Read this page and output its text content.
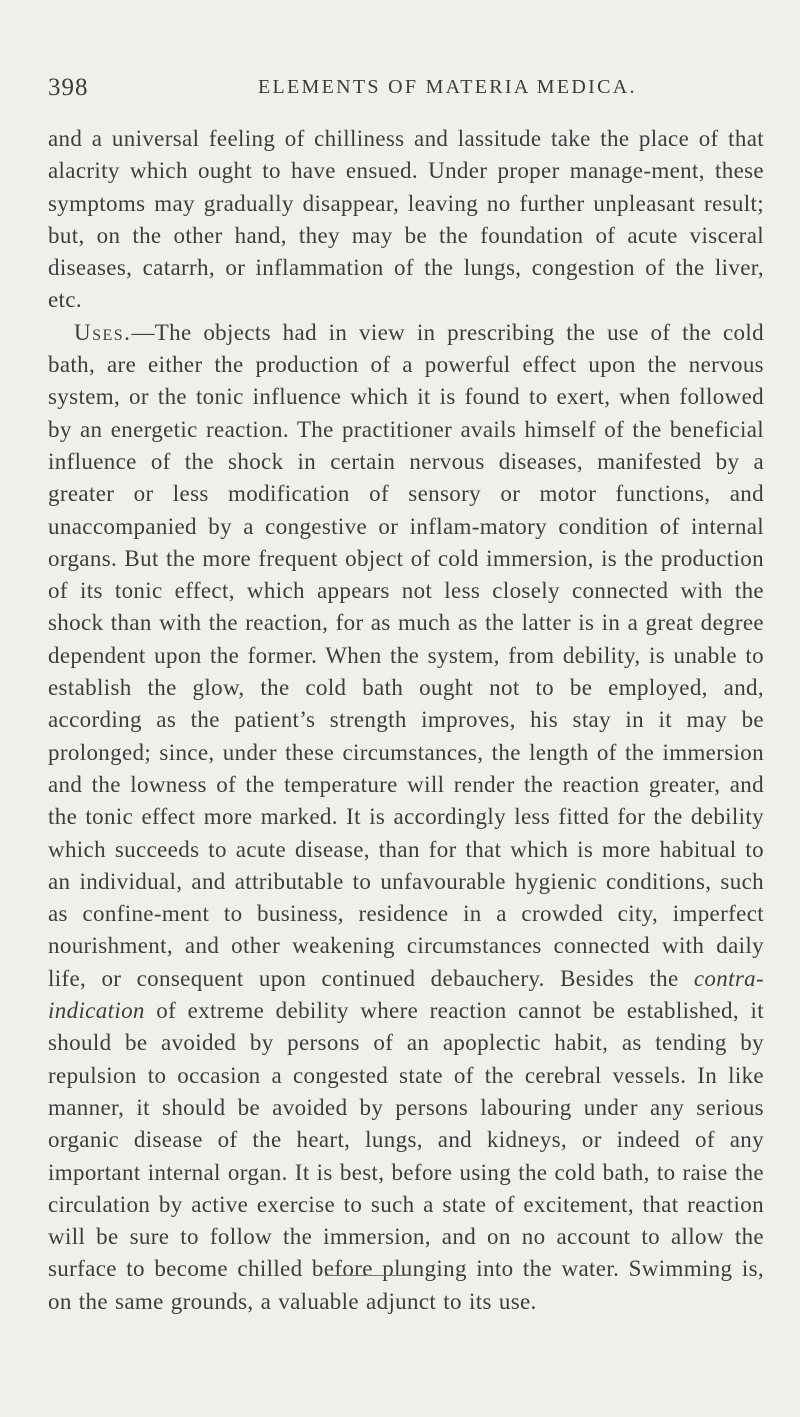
398	ELEMENTS OF MATERIA MEDICA.

and a universal feeling of chilliness and lassitude take the place of that alacrity which ought to have ensued. Under proper manage-ment, these symptoms may gradually disappear, leaving no further unpleasant result; but, on the other hand, they may be the foundation of acute visceral diseases, catarrh, or inflammation of the lungs, congestion of the liver, etc.

Uses.—The objects had in view in prescribing the use of the cold bath, are either the production of a powerful effect upon the nervous system, or the tonic influence which it is found to exert, when followed by an energetic reaction. The practitioner avails himself of the beneficial influence of the shock in certain nervous diseases, manifested by a greater or less modification of sensory or motor functions, and unaccompanied by a congestive or inflam-matory condition of internal organs. But the more frequent object of cold immersion, is the production of its tonic effect, which appears not less closely connected with the shock than with the reaction, for as much as the latter is in a great degree dependent upon the former. When the system, from debility, is unable to establish the glow, the cold bath ought not to be employed, and, according as the patient’s strength improves, his stay in it may be prolonged; since, under these circumstances, the length of the immersion and the lowness of the temperature will render the reaction greater, and the tonic effect more marked. It is accordingly less fitted for the debility which succeeds to acute disease, than for that which is more habitual to an individual, and attributable to unfavourable hygienic conditions, such as confine-ment to business, residence in a crowded city, imperfect nourishment, and other weakening circumstances connected with daily life, or consequent upon continued debauchery. Besides the contra-indication of extreme debility where reaction cannot be established, it should be avoided by persons of an apoplectic habit, as tending by repulsion to occasion a congested state of the cerebral vessels. In like manner, it should be avoided by persons labouring under any serious organic disease of the heart, lungs, and kidneys, or indeed of any important internal organ. It is best, before using the cold bath, to raise the circulation by active exercise to such a state of excitement, that reaction will be sure to follow the immersion, and on no account to allow the surface to become chilled before plunging into the water. Swimming is, on the same grounds, a valuable adjunct to its use.
